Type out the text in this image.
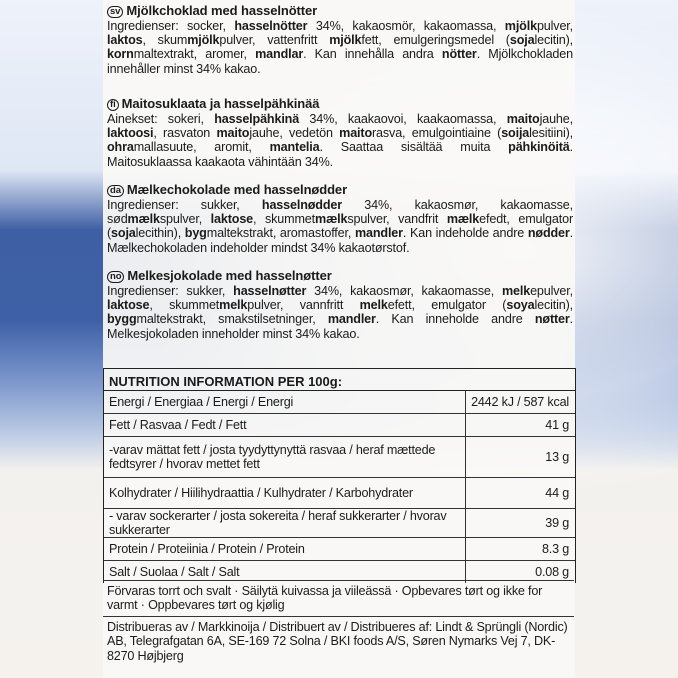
sv Mjölkchoklad med hasselnötter

Ingredienser: socker, hasselnötter 34%, kakaosmör, kakaomassa, mjölkpulver, laktos, skummjölkpulver, vattenfritt mjölkfett, emulgeringsmedel (sojalecitin), kornmaltextrakt, aromer, mandlar. Kan innehålla andra nötter. Mjölkchokladen innehåller minst 34% kakao.

fi Maitosuklaata ja hasselpähkinää

Ainekset: sokeri, hasselpähkinä 34%, kaakaovoi, kaakaomassa, maitojauhe, laktoosi, rasvaton maitojauhe, vedetön maitorasva, emulgointiaine (soijalesitiini), ohramallasuute, aromit, mantelia. Saattaa sisältää muita pähkinöitä. Maitosuklaassa kaakaota vähintään 34%.

da Mælkechokolade med hasselnødder

Ingredienser: sukker, hasselnødder 34%, kakaosmør, kakaomasse, sødmælkspulver, laktose, skummetmælkspulver, vandfrit mælkefedt, emulgator (sojalecithin), bygmaltekstrakt, aromastoffer, mandler. Kan indeholde andre nødder. Mælkechokoladen indeholder mindst 34% kakaotørstof.

no Melkesjokolade med hasselnøtter

Ingredienser: sukker, hasselnøtter 34%, kakaosmør, kakaomasse, melkepulver, laktose, skummetmelkpulver, vannfritt melkefett, emulgator (soyalecitin), byggmaltekstrakt, smakstilsetninger, mandler. Kan inneholde andre nøtter. Melkesjokoladen inneholder minst 34% kakao.

NUTRITION INFORMATION PER 100g:
Energi / Energiaa / Energi / Energi	2442 kJ / 587 kcal
Fett / Rasvaa / Fedt / Fett	41 g
-varav mättat fett / josta tyydyttynyttä rasvaa / heraf mættede fedtsyrer / hvorav mettet fett	13 g
Kolhydrater / Hiilihydraattia / Kulhydrater / Karbohydrater	44 g
- varav sockerarter / josta sokereita / heraf sukkerarter / hvorav sukkerarter	39 g
Protein / Proteiinia / Protein / Protein	8.3 g
Salt / Suolaa / Salt / Salt	0.08 g
Förvaras torrt och svalt · Säilytä kuivassa ja viileässä · Opbevares tørt og ikke for varmt · Oppbevares tørt og kjølig
Distribueras av / Markkinoija / Distribuert av / Distribueres af: Lindt & Sprüngli (Nordic) AB, Telegrafgatan 6A, SE-169 72 Solna / BKI foods A/S, Søren Nymarks Vej 7, DK-8270 Højbjerg
